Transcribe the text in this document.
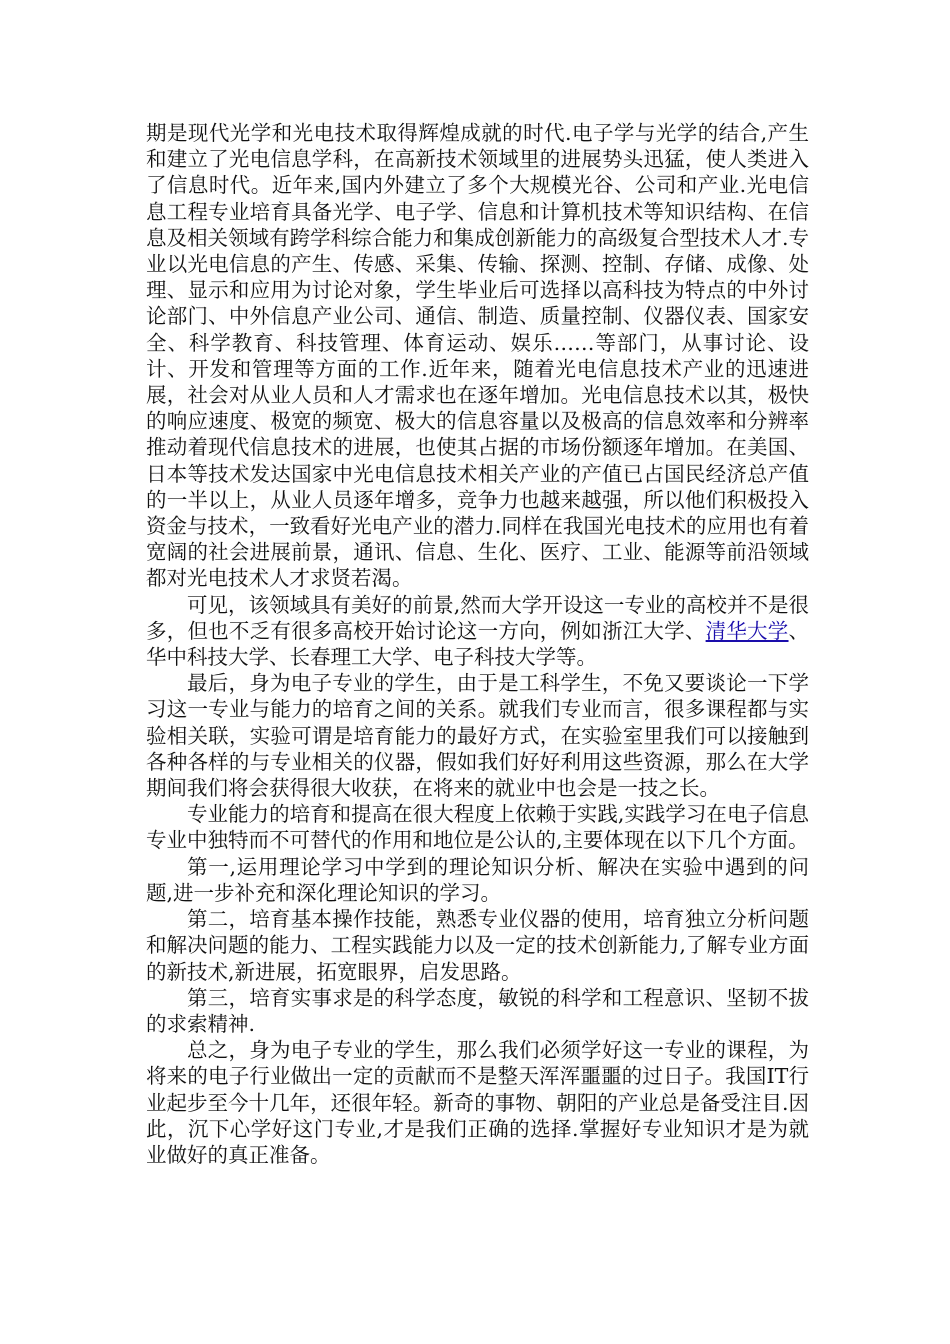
期是现代光学和光电技术取得辉煌成就的时代.电子学与光学的结合,产生和建立了光电信息学科，在高新技术领域里的进展势头迅猛，使人类进入了信息时代。近年来,国内外建立了多个大规模光谷、公司和产业.光电信息工程专业培育具备光学、电子学、信息和计算机技术等知识结构、在信息及相关领域有跨学科综合能力和集成创新能力的高级复合型技术人才.专业以光电信息的产生、传感、采集、传输、探测、控制、存储、成像、处理、显示和应用为讨论对象，学生毕业后可选择以高科技为特点的中外讨论部门、中外信息产业公司、通信、制造、质量控制、仪器仪表、国家安全、科学教育、科技管理、体育运动、娱乐……等部门，从事讨论、设计、开发和管理等方面的工作.近年来，随着光电信息技术产业的迅速进展，社会对从业人员和人才需求也在逐年增加。光电信息技术以其，极快的响应速度、极宽的频宽、极大的信息容量以及极高的信息效率和分辨率推动着现代信息技术的进展，也使其占据的市场份额逐年增加。在美国、日本等技术发达国家中光电信息技术相关产业的产值已占国民经济总产值的一半以上，从业人员逐年增多，竞争力也越来越强，所以他们积极投入资金与技术，一致看好光电产业的潜力.同样在我国光电技术的应用也有着宽阔的社会进展前景，通讯、信息、生化、医疗、工业、能源等前沿领域都对光电技术人才求贤若渴。

可见，该领域具有美好的前景,然而大学开设这一专业的高校并不是很多，但也不乏有很多高校开始讨论这一方向，例如浙江大学、清华大学、华中科技大学、长春理工大学、电子科技大学等。

最后，身为电子专业的学生，由于是工科学生，不免又要谈论一下学习这一专业与能力的培育之间的关系。就我们专业而言，很多课程都与实验相关联，实验可谓是培育能力的最好方式，在实验室里我们可以接触到各种各样的与专业相关的仪器，假如我们好好利用这些资源，那么在大学期间我们将会获得很大收获，在将来的就业中也会是一技之长。

专业能力的培育和提高在很大程度上依赖于实践,实践学习在电子信息专业中独特而不可替代的作用和地位是公认的,主要体现在以下几个方面。

第一,运用理论学习中学到的理论知识分析、解决在实验中遇到的问题,进一步补充和深化理论知识的学习。

第二，培育基本操作技能，熟悉专业仪器的使用，培育独立分析问题和解决问题的能力、工程实践能力以及一定的技术创新能力,了解专业方面的新技术,新进展，拓宽眼界，启发思路。

第三，培育实事求是的科学态度，敏锐的科学和工程意识、坚韧不拔的求索精神.

总之，身为电子专业的学生，那么我们必须学好这一专业的课程，为将来的电子行业做出一定的贡献而不是整天浑浑噩噩的过日子。我国IT行业起步至今十几年，还很年轻。新奇的事物、朝阳的产业总是备受注目.因此，沉下心学好这门专业,才是我们正确的选择.掌握好专业知识才是为就业做好的真正准备。
